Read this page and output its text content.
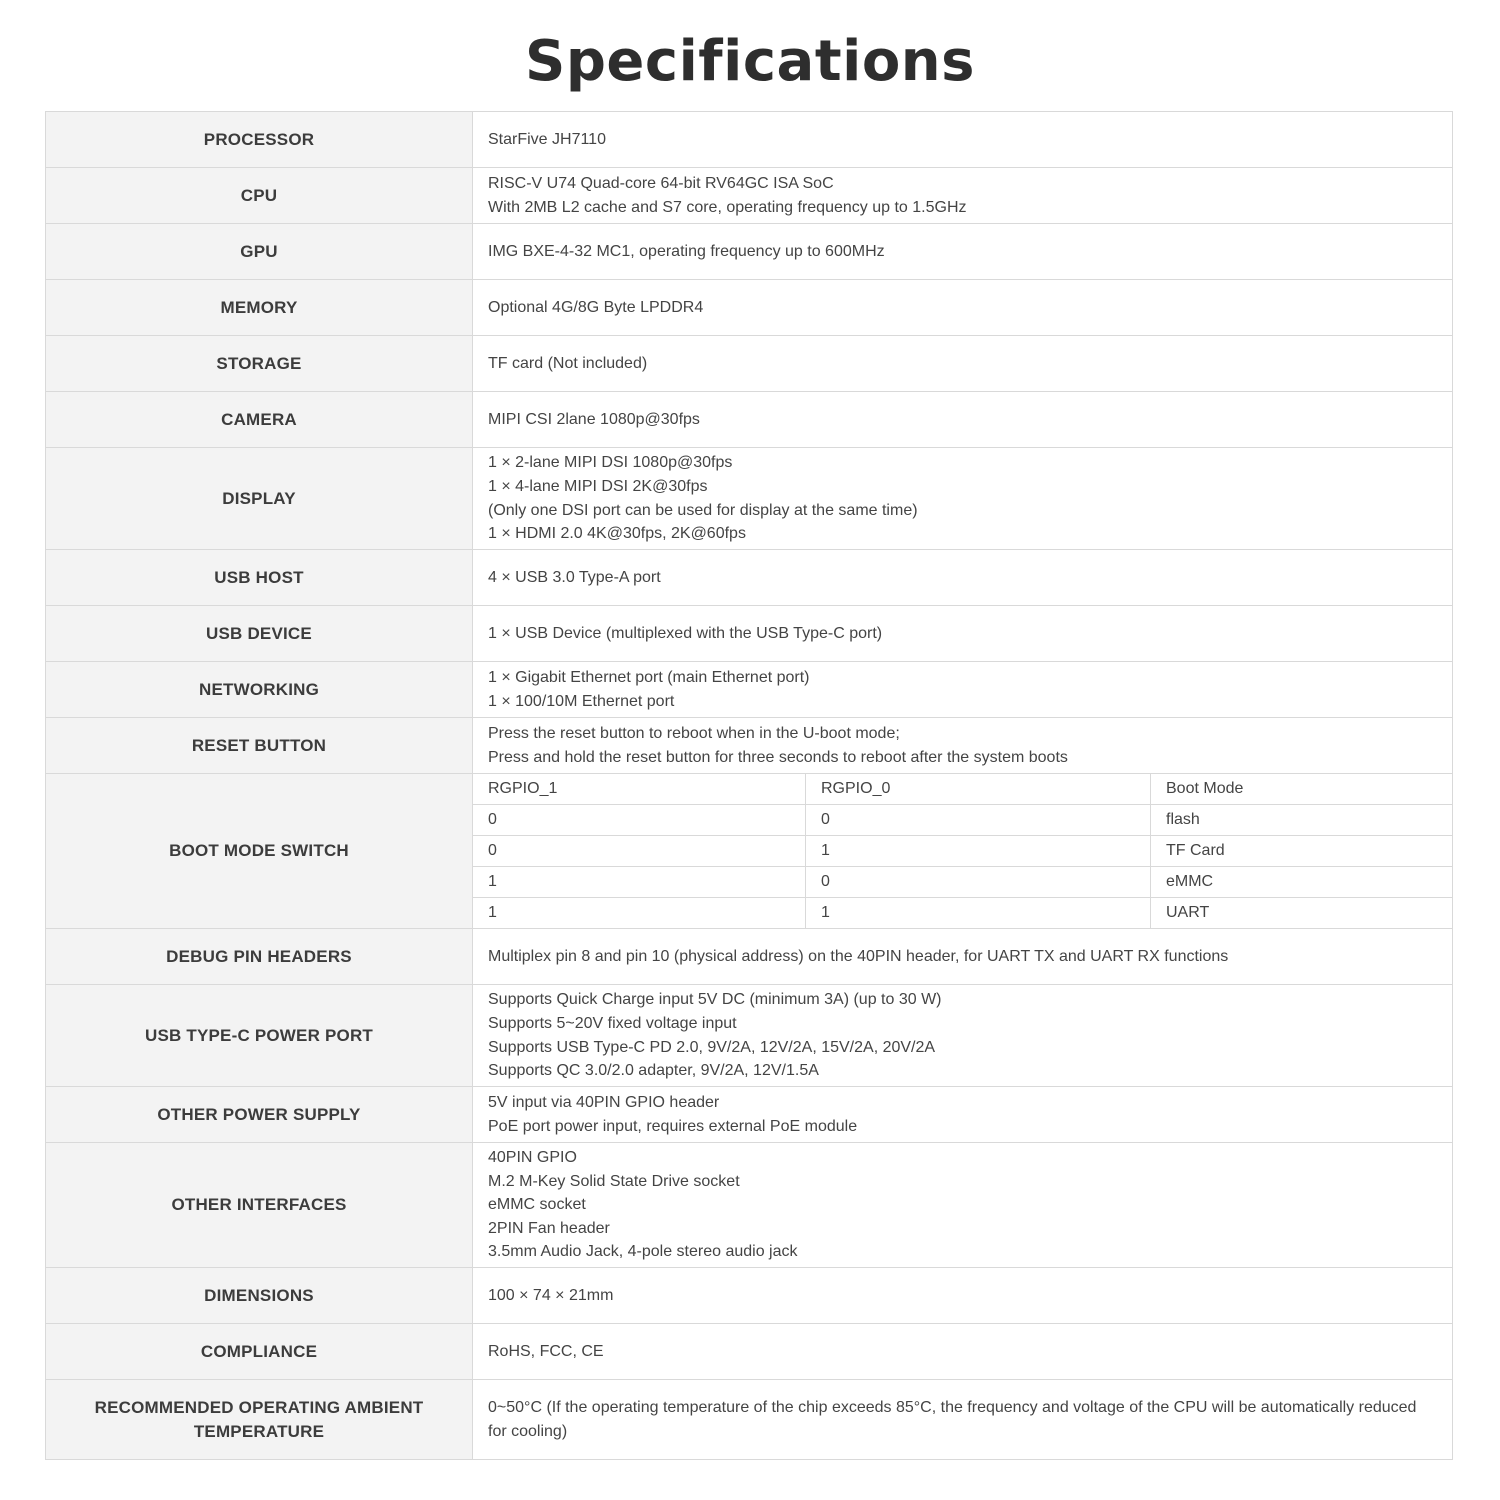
Specifications
PROCESSOR	StarFive JH7110

CPU	
RISC-V U74 Quad-core 64-bit RV64GC ISA SoC
With 2MB L2 cache and S7 core, operating frequency up to 1.5GHz

GPU	IMG BXE-4-32 MC1, operating frequency up to 600MHz

MEMORY	Optional 4G/8G Byte LPDDR4

STORAGE	TF card (Not included)

CAMERA	MIPI CSI 2lane 1080p@30fps

DISPLAY	
1 × 2-lane MIPI DSI 1080p@30fps
1 × 4-lane MIPI DSI 2K@30fps
(Only one DSI port can be used for display at the same time)
1 × HDMI 2.0 4K@30fps, 2K@60fps

USB HOST	4 × USB 3.0 Type-A port

USB DEVICE	1 × USB Device (multiplexed with the USB Type-C port)

NETWORKING	
1 × Gigabit Ethernet port (main Ethernet port)
1 × 100/10M Ethernet port

RESET BUTTON	
Press the reset button to reboot when in the U-boot mode;
Press and hold the reset button for three seconds to reboot after the system boots

BOOT MODE SWITCH	
RGPIO_1	RGPIO_0	Boot Mode
0	0	flash
0	1	TF Card
1	0	eMMC
1	1	UART

DEBUG PIN HEADERS	Multiplex pin 8 and pin 10 (physical address) on the 40PIN header, for UART TX and UART RX functions

USB TYPE-C POWER PORT	
Supports Quick Charge input 5V DC (minimum 3A) (up to 30 W)
Supports 5~20V fixed voltage input
Supports USB Type-C PD 2.0, 9V/2A, 12V/2A, 15V/2A, 20V/2A
Supports QC 3.0/2.0 adapter, 9V/2A, 12V/1.5A

OTHER POWER SUPPLY	
5V input via 40PIN GPIO header
PoE port power input, requires external PoE module

OTHER INTERFACES	
40PIN GPIO
M.2 M-Key Solid State Drive socket
eMMC socket
2PIN Fan header
3.5mm Audio Jack, 4-pole stereo audio jack

DIMENSIONS	100 × 74 × 21mm

COMPLIANCE	RoHS, FCC, CE

RECOMMENDED OPERATING AMBIENT TEMPERATURE	
0~50°C (If the operating temperature of the chip exceeds 85°C, the frequency and voltage of the CPU will be automatically reduced for cooling)
